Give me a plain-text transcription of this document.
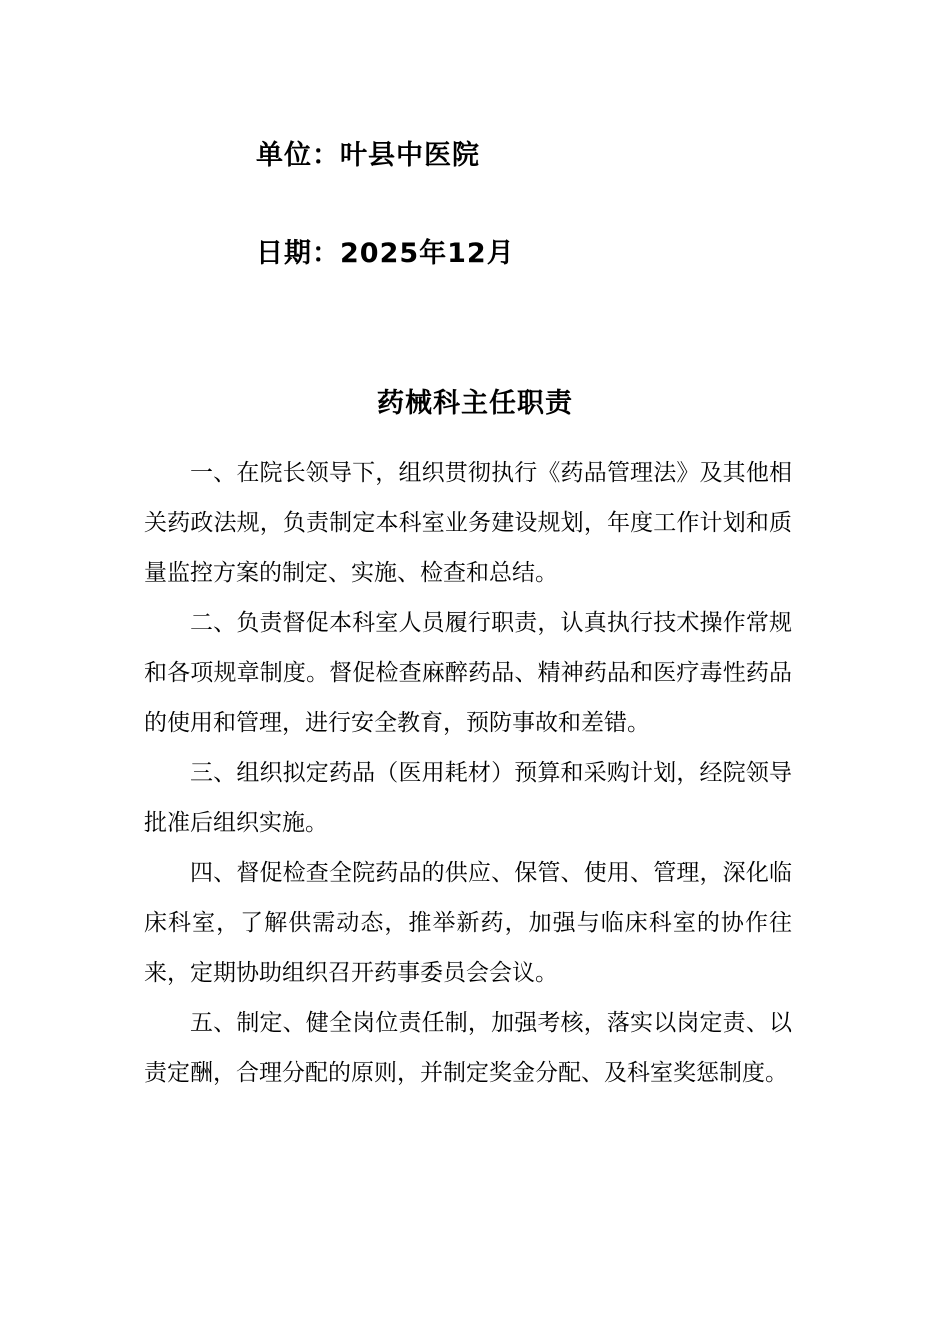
单位：叶县中医院
日期：2025年12月
药械科主任职责

一、在院长领导下，组织贯彻执行《药品管理法》及其他相关药政法规，负责制定本科室业务建设规划，年度工作计划和质量监控方案的制定、实施、检查和总结。

二、负责督促本科室人员履行职责，认真执行技术操作常规和各项规章制度。督促检查麻醉药品、精神药品和医疗毒性药品的使用和管理，进行安全教育，预防事故和差错。

三、组织拟定药品（医用耗材）预算和采购计划，经院领导批准后组织实施。

四、督促检查全院药品的供应、保管、使用、管理，深化临床科室，了解供需动态，推举新药，加强与临床科室的协作往来，定期协助组织召开药事委员会会议。

五、制定、健全岗位责任制，加强考核，落实以岗定责、以责定酬，合理分配的原则，并制定奖金分配、及科室奖惩制度。
